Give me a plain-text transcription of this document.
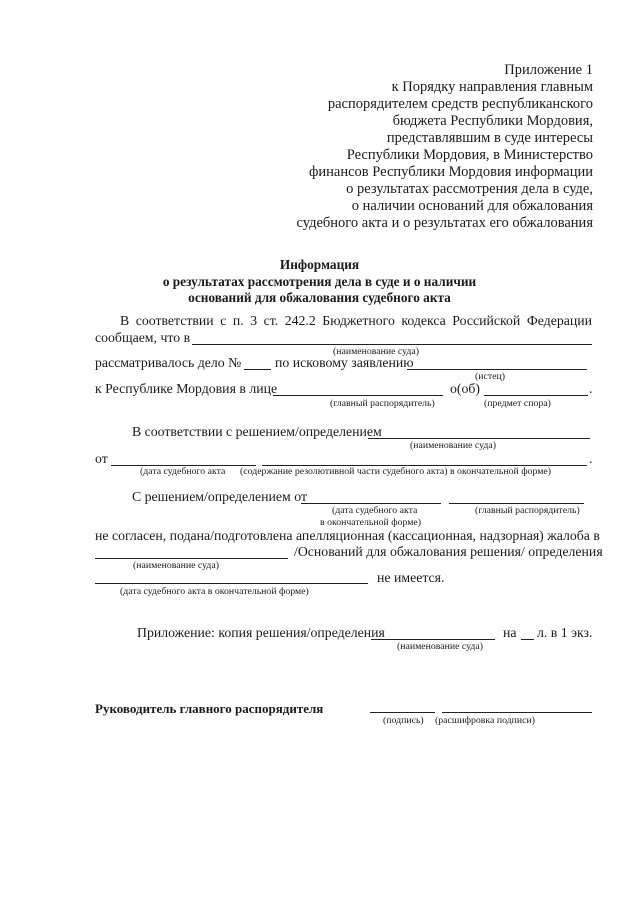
Приложение 1
к Порядку направления главным
распорядителем средств республиканского
бюджета Республики Мордовия,
представлявшим в суде интересы
Республики Мордовия, в Министерство
финансов Республики Мордовия информации
о результатах рассмотрения дела в суде,
о наличии оснований для обжалования
судебного акта и о результатах его обжалования
Информация
о результатах рассмотрения дела в суде и о наличии
оснований для обжалования судебного акта
В соответствии с п. 3 ст. 242.2 Бюджетного кодекса Российской Федерации
сообщаем, что в
(наименование суда)
рассматривалось дело № по исковому заявлению
(истец)
к Республике Мордовия в лице	о(об)	.
(главный распорядитель)	(предмет спора)
В соответствии с решением/определением
(наименование суда)
от	.
(дата судебного акта (содержание резолютивной части судебного акта) в окончательной форме)
С решением/определением от
(дата судебного акта
в окончательной форме)
(главный распорядитель)
не согласен, подана/подготовлена апелляционная (кассационная, надзорная) жалоба в
/Оснований для обжалования решения/ определения
(наименование суда)
не имеется.
(дата судебного акта в окончательной форме)
Приложение: копия решения/определения	на л. в 1 экз.
(наименование суда)
Руководитель главного распорядителя
(подпись) (расшифровка подписи)
